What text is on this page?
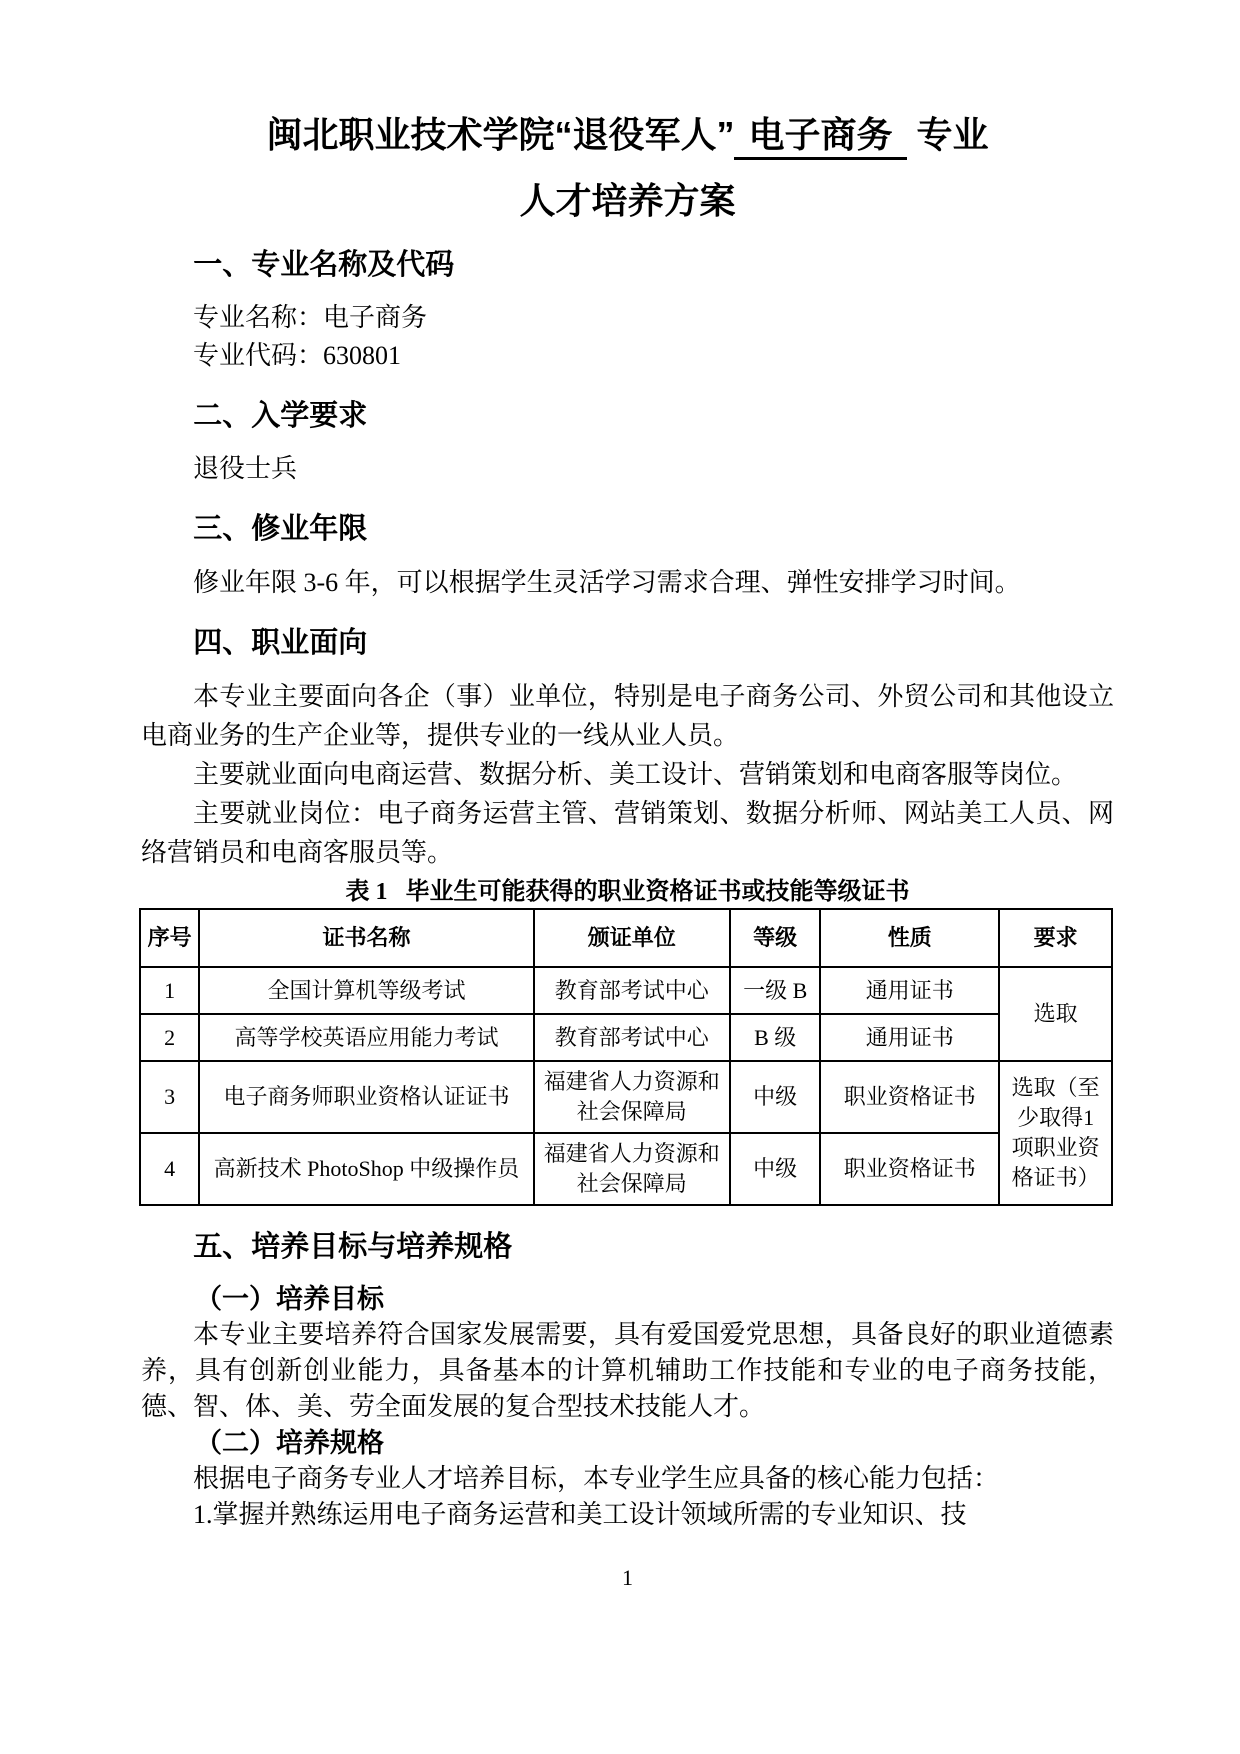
闽北职业技术学院“退役军人” 电子商务 专业
人才培养方案
一、专业名称及代码
专业名称：电子商务
专业代码：630801
二、入学要求
退役士兵
三、修业年限

修业年限 3-6 年，可以根据学生灵活学习需求合理、弹性安排学习时间。

四、职业面向

本专业主要面向各企（事）业单位，特别是电子商务公司、外贸公司和其他设立电商业务的生产企业等，提供专业的一线从业人员。

主要就业面向电商运营、数据分析、美工设计、营销策划和电商客服等岗位。

主要就业岗位：电子商务运营主管、营销策划、数据分析师、网站美工人员、网络营销员和电商客服员等。

表 1 毕业生可能获得的职业资格证书或技能等级证书
序号	证书名称	颁证单位	等级	性质	要求
1	全国计算机等级考试	教育部考试中心	一级 B	通用证书	选取
2	高等学校英语应用能力考试	教育部考试中心	B 级	通用证书	
3	电子商务师职业资格认证证书	福建省人力资源和社会保障局	中级	职业资格证书	选取（至少取得1项职业资格证书）
4	高新技术 PhotoShop 中级操作员	福建省人力资源和社会保障局	中级	职业资格证书	
五、培养目标与培养规格

（一）培养目标

本专业主要培养符合国家发展需要，具有爱国爱党思想，具备良好的职业道德素养，具有创新创业能力，具备基本的计算机辅助工作技能和专业的电子商务技能，德、智、体、美、劳全面发展的复合型技术技能人才。

（二）培养规格

根据电子商务专业人才培养目标，本专业学生应具备的核心能力包括：

1.掌握并熟练运用电子商务运营和美工设计领域所需的专业知识、技

1
